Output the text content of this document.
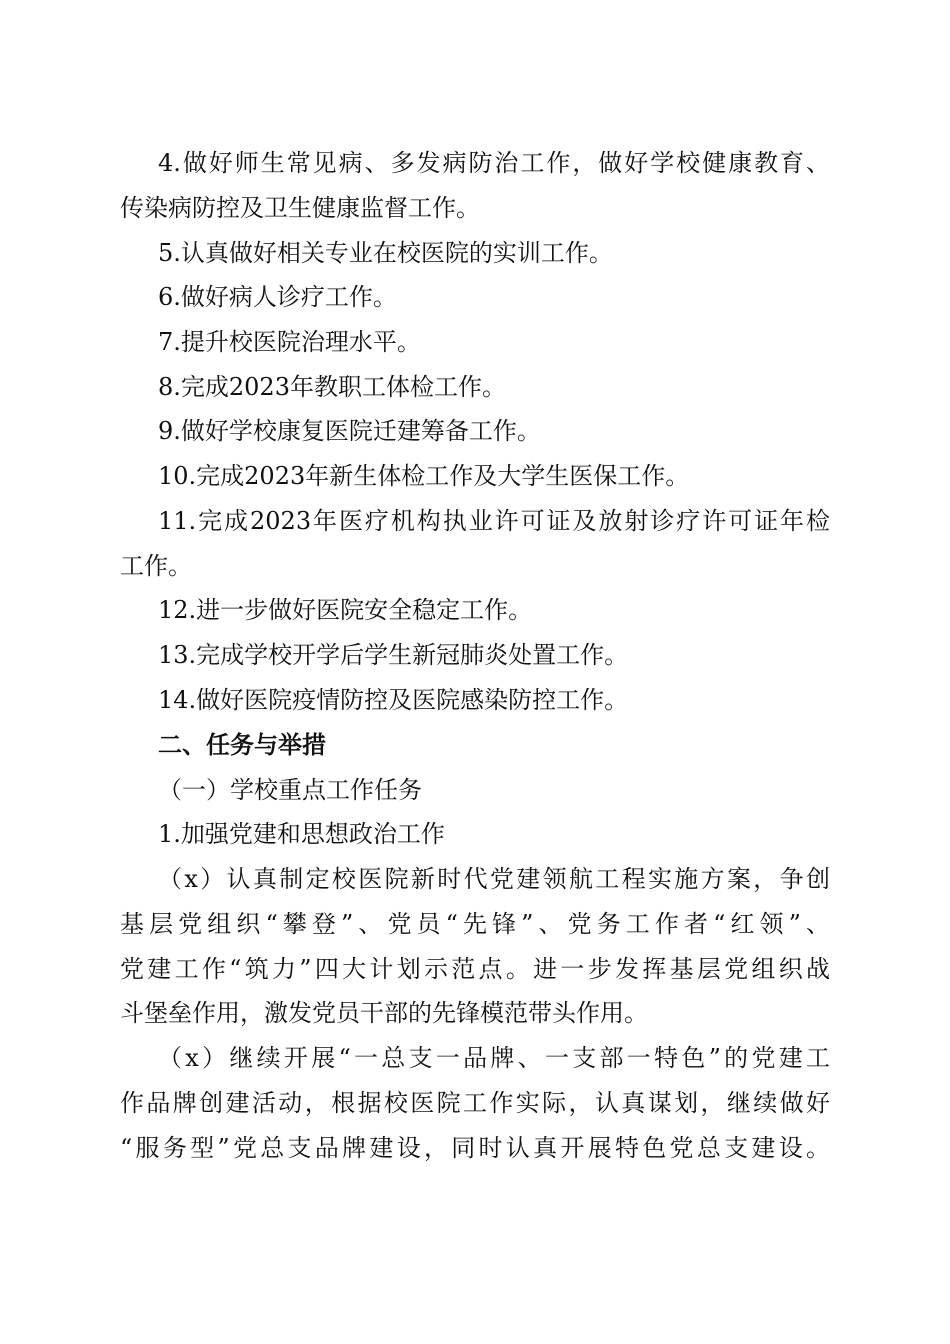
4.做好师生常见病、多发病防治工作，做好学校健康教育、
传染病防控及卫生健康监督工作。
5.认真做好相关专业在校医院的实训工作。
6.做好病人诊疗工作。
7.提升校医院治理水平。
8.完成2023年教职工体检工作。
9.做好学校康复医院迁建筹备工作。
10.完成2023年新生体检工作及大学生医保工作。
11.完成2023年医疗机构执业许可证及放射诊疗许可证年检
工作。
12.进一步做好医院安全稳定工作。
13.完成学校开学后学生新冠肺炎处置工作。
14.做好医院疫情防控及医院感染防控工作。
二、任务与举措
（一）学校重点工作任务
1.加强党建和思想政治工作
（x）认真制定校医院新时代党建领航工程实施方案，争创
基层党组织“攀登”、党员“先锋”、党务工作者“红领”、
党建工作“筑力”四大计划示范点。进一步发挥基层党组织战
斗堡垒作用，激发党员干部的先锋模范带头作用。
（x）继续开展“一总支一品牌、一支部一特色”的党建工
作品牌创建活动，根据校医院工作实际，认真谋划，继续做好
“服务型”党总支品牌建设，同时认真开展特色党总支建设。
